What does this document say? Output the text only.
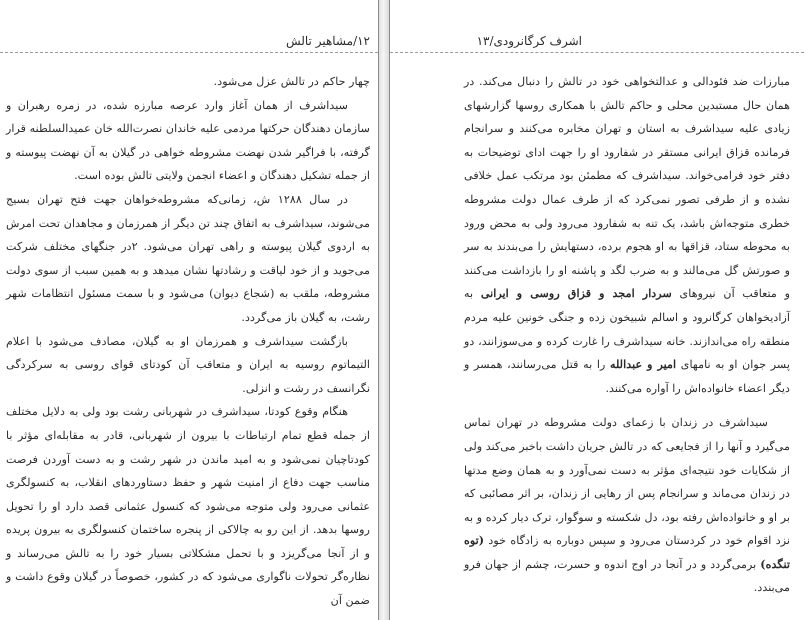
۱۲/مشاهیر تالش

چهار حاکم در تالش عزل می‌شود.

سیداشرف از همان آغاز وارد عرصه مبارزه شده، در زمره رهبران و سازمان دهندگان حرکتها مردمی علیه خاندان نصرت‌الله خان عمیدالسلطنه قرار گرفته، با فراگیر شدن نهضت مشروطه خواهی در گیلان به آن نهضت پیوسته و از جمله تشکیل دهندگان و اعضاء انجمن ولایتی تالش بوده است.

در سال ۱۲۸۸ ش، زمانی‌که مشروطه‌خواهان جهت فتح تهران بسیج می‌شوند، سیداشرف به اتفاق چند تن دیگر از همرزمان و مجاهدان تحت امرش به اردوی گیلان پیوسته و راهی تهران می‌شود. ۲در جنگهای مختلف شرکت می‌جوید و از خود لیاقت و رشادتها نشان میدهد و به همین سبب از سوی دولت مشروطه، ملقب به (شجاع دیوان) می‌شود و با سمت مسئول انتظامات شهر رشت، به گیلان باز می‌گردد.

بازگشت سیداشرف و همرزمان او به گیلان، مصادف می‌شود با اعلام التیماتوم روسیه به ایران و متعاقب آن کودتای قوای روسی به سرکردگی نگرانسف در رشت و انزلی.

هنگام وقوع کودتا، سیداشرف در شهربانی رشت بود ولی به دلایل مختلف از جمله قطع تمام ارتباطات با بیرون از شهربانی، قادر به مقابله‌ای مؤثر با کودتاچیان نمی‌شود و به امید ماندن در شهر رشت و به دست آوردن فرصت مناسب جهت دفاع از امنیت شهر و حفظ دستاوردهای انقلاب، به کنسولگری عثمانی می‌رود ولی متوجه می‌شود که کنسول عثمانی قصد دارد او را تحویل روسها بدهد. از این رو به چالاکی از پنجره ساختمان کنسولگری به بیرون پریده و از آنجا می‌گریزد و با تحمل مشکلاتی بسیار خود را به تالش می‌رساند و نظاره‌گر تحولات ناگواری می‌شود که در کشور، خصوصاً در گیلان وقوع داشت و ضمن آن

اشرف کرگانرودی/۱۳

مبارزات ضد فئودالی و عدالتخواهی خود در تالش را دنبال می‌کند. در همان حال مستبدین محلی و حاکم تالش با همکاری روسها گزارشهای زیادی علیه سیداشرف به استان و تهران مخابره می‌کنند و سرانجام فرمانده قزاق ایرانی مستقر در شفارود او را جهت ادای توضیحات به دفتر خود فرامی‌خواند. سیداشرف که مطمئن بود مرتکب عمل خلافی نشده و از طرفی تصور نمی‌کرد که از طرف عمال دولت مشروطه خطری متوجه‌اش باشد، یک تنه به شفارود می‌رود ولی به محض ورود به محوطه ستاد، قزاقها به او هجوم برده، دستهایش را می‌بندند به سر و صورتش گل می‌مالند و به ضرب لگد و پاشنه او را بازداشت می‌کنند و متعاقب آن نیروهای سردار امجد و قزاق روسی و ایرانی به آزادیخواهان کرگانرود و اسالم شبیخون زده و جنگی خونین علیه مردم منطقه راه می‌اندازند. خانه سیداشرف را غارت کرده و می‌سوزانند، دو پسر جوان او به نامهای امیر و عبدالله را به قتل می‌رسانند، همسر و دیگر اعضاء خانواده‌اش را آواره می‌کنند.

سیداشرف در زندان با زعمای دولت مشروطه در تهران تماس می‌گیرد و آنها را از فجایعی که در تالش جریان داشت باخبر می‌کند ولی از شکایات خود نتیجه‌ای مؤثر به دست نمی‌آورد و به همان وضع مدتها در زندان می‌ماند و سرانجام پس از رهایی از زندان، بر اثر مصائبی که بر او و خانواده‌اش رفته بود، دل شکسته و سوگوار، ترک دیار کرده و به نزد اقوام خود در کردستان می‌رود و سپس دوباره به زادگاه خود (توه تنگده) برمی‌گردد و در آنجا در اوج اندوه و حسرت، چشم از جهان فرو می‌بندد.
